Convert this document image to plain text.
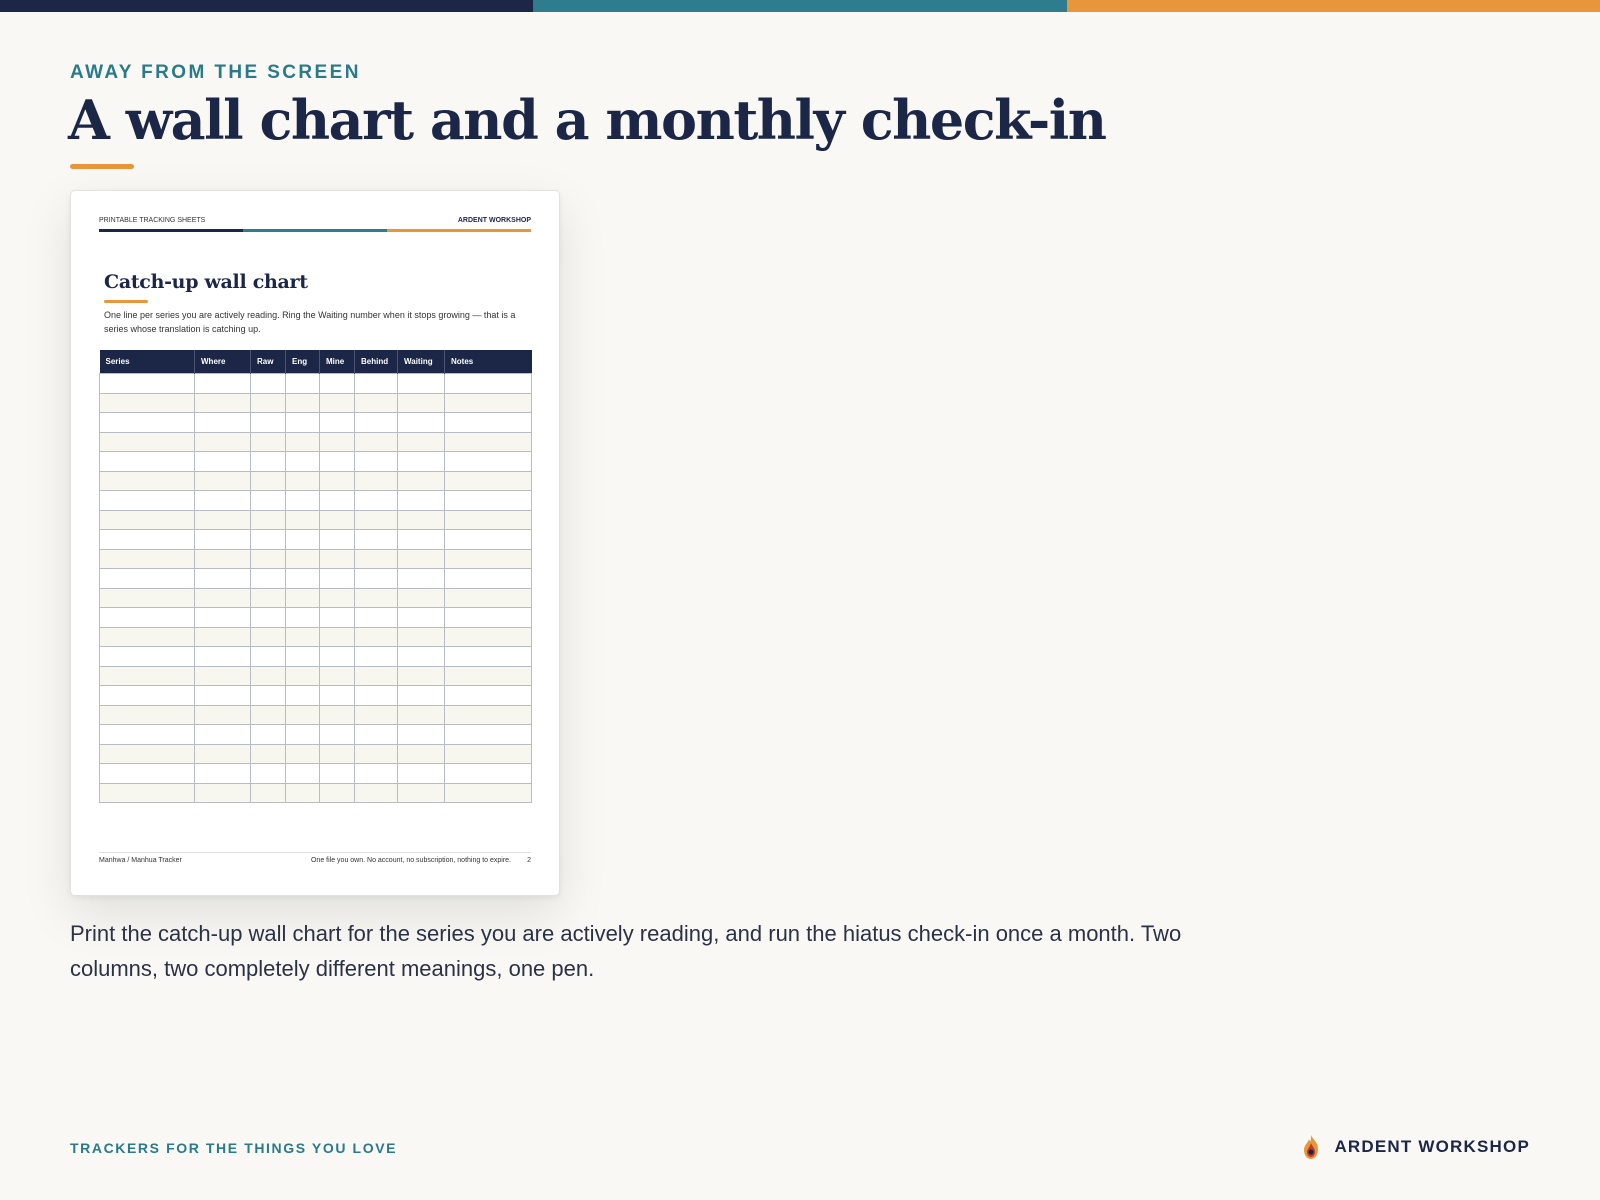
AWAY FROM THE SCREEN
A wall chart and a monthly check-in
PRINTABLE TRACKING SHEETS	ARDENT WORKSHOP
Catch-up wall chart
One line per series you are actively reading. Ring the Waiting number when it stops growing — that is a series whose translation is catching up.
Series	Where	Raw	Eng	Mine	Behind	Waiting	Notes

Manhwa / Manhua Tracker	One file you own. No account, no subscription, nothing to expire. 2
Print the catch-up wall chart for the series you are actively reading, and run the hiatus check-in once a month. Two columns, two completely different meanings, one pen.
TRACKERS FOR THE THINGS YOU LOVE	ARDENT WORKSHOP
